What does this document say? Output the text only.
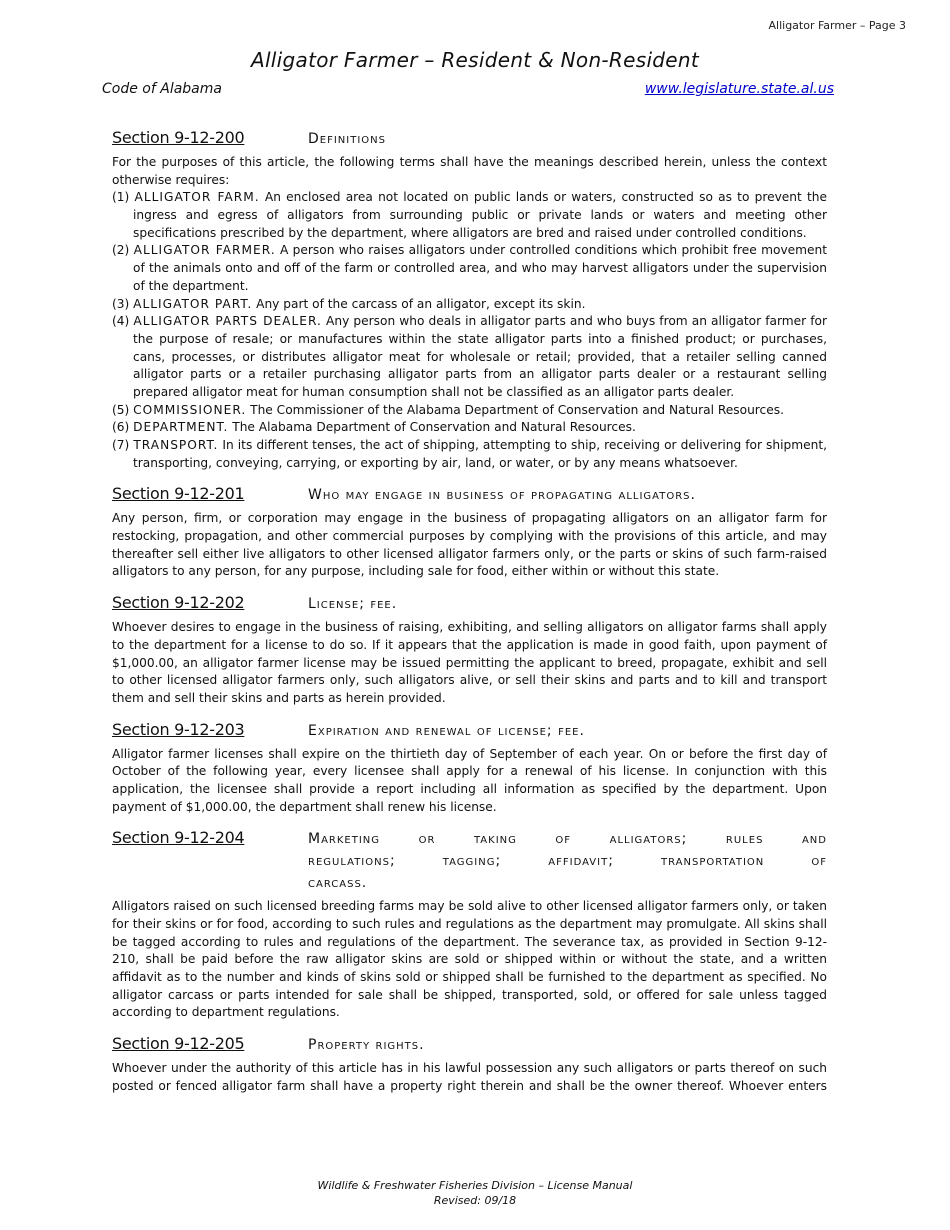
Alligator Farmer – Page 3
Alligator Farmer – Resident & Non-Resident
Code of Alabama	www.legislature.state.al.us
Section 9-12-200	Definitions

For the purposes of this article, the following terms shall have the meanings described herein, unless the context otherwise requires:

(1) ALLIGATOR FARM. An enclosed area not located on public lands or waters, constructed so as to prevent the ingress and egress of alligators from surrounding public or private lands or waters and meeting other specifications prescribed by the department, where alligators are bred and raised under controlled conditions.
(2) ALLIGATOR FARMER. A person who raises alligators under controlled conditions which prohibit free movement of the animals onto and off of the farm or controlled area, and who may harvest alligators under the supervision of the department.
(3) ALLIGATOR PART. Any part of the carcass of an alligator, except its skin.
(4) ALLIGATOR PARTS DEALER. Any person who deals in alligator parts and who buys from an alligator farmer for the purpose of resale; or manufactures within the state alligator parts into a finished product; or purchases, cans, processes, or distributes alligator meat for wholesale or retail; provided, that a retailer selling canned alligator parts or a retailer purchasing alligator parts from an alligator parts dealer or a restaurant selling prepared alligator meat for human consumption shall not be classified as an alligator parts dealer.
(5) COMMISSIONER. The Commissioner of the Alabama Department of Conservation and Natural Resources.
(6) DEPARTMENT. The Alabama Department of Conservation and Natural Resources.
(7) TRANSPORT. In its different tenses, the act of shipping, attempting to ship, receiving or delivering for shipment, transporting, conveying, carrying, or exporting by air, land, or water, or by any means whatsoever.
Section 9-12-201	Who may engage in business of propagating alligators.

Any person, firm, or corporation may engage in the business of propagating alligators on an alligator farm for restocking, propagation, and other commercial purposes by complying with the provisions of this article, and may thereafter sell either live alligators to other licensed alligator farmers only, or the parts or skins of such farm-raised alligators to any person, for any purpose, including sale for food, either within or without this state.

Section 9-12-202	License; fee.

Whoever desires to engage in the business of raising, exhibiting, and selling alligators on alligator farms shall apply to the department for a license to do so. If it appears that the application is made in good faith, upon payment of $1,000.00, an alligator farmer license may be issued permitting the applicant to breed, propagate, exhibit and sell to other licensed alligator farmers only, such alligators alive, or sell their skins and parts and to kill and transport them and sell their skins and parts as herein provided.

Section 9-12-203	Expiration and renewal of license; fee.

Alligator farmer licenses shall expire on the thirtieth day of September of each year. On or before the first day of October of the following year, every licensee shall apply for a renewal of his license. In conjunction with this application, the licensee shall provide a report including all information as specified by the department. Upon payment of $1,000.00, the department shall renew his license.

Section 9-12-204	Marketing or taking of alligators; rules and
regulations; tagging; affidavit; transportation of
carcass.

Alligators raised on such licensed breeding farms may be sold alive to other licensed alligator farmers only, or taken for their skins or for food, according to such rules and regulations as the department may promulgate. All skins shall be tagged according to rules and regulations of the department. The severance tax, as provided in Section 9-12-210, shall be paid before the raw alligator skins are sold or shipped within or without the state, and a written affidavit as to the number and kinds of skins sold or shipped shall be furnished to the department as specified. No alligator carcass or parts intended for sale shall be shipped, transported, sold, or offered for sale unless tagged according to department regulations.

Section 9-12-205	Property rights.

Whoever under the authority of this article has in his lawful possession any such alligators or parts thereof on such posted or fenced alligator farm shall have a property right therein and shall be the owner thereof. Whoever enters

Wildlife & Freshwater Fisheries Division – License Manual
Revised: 09/18
